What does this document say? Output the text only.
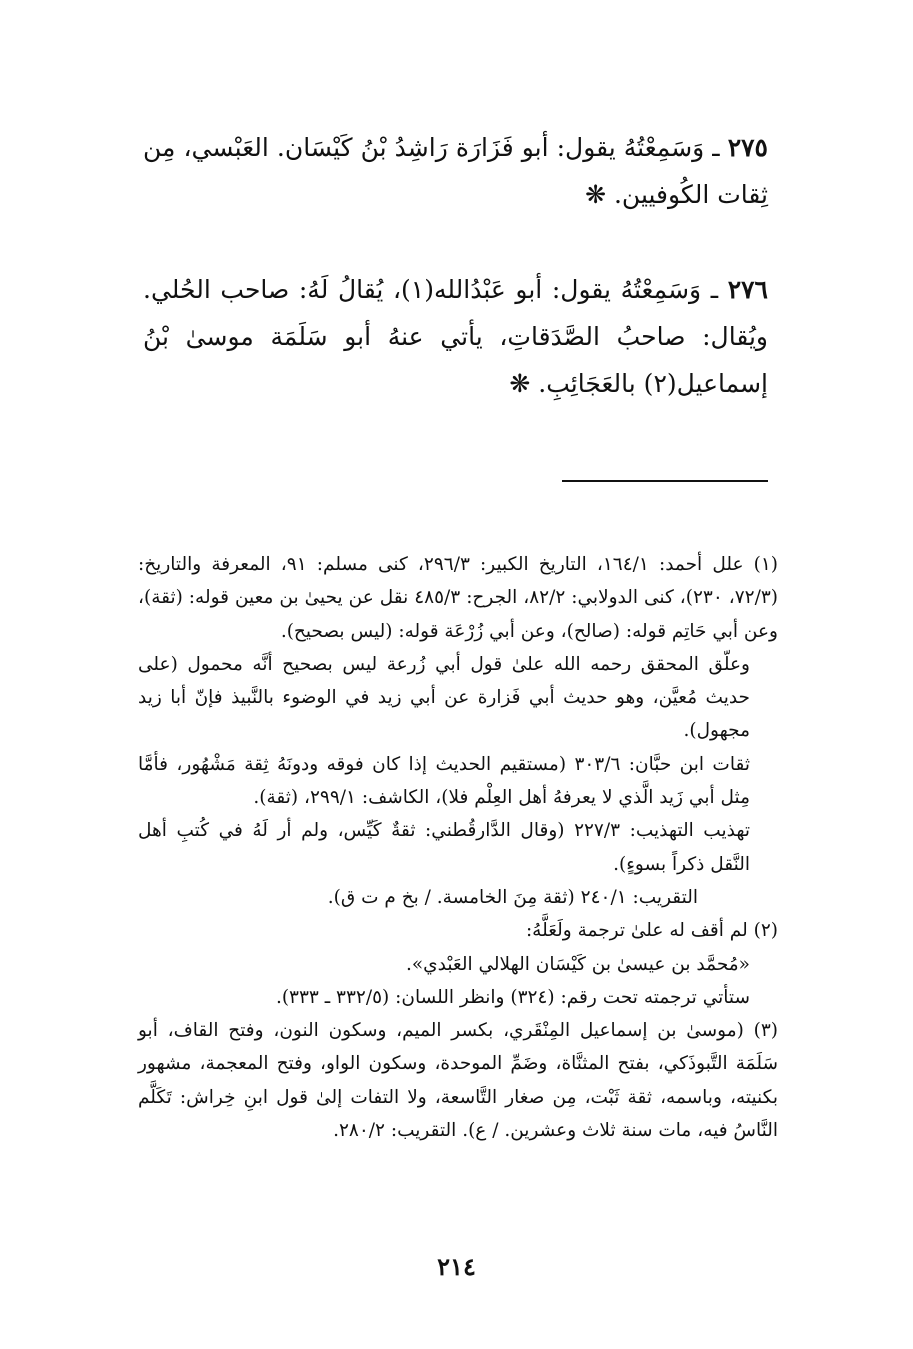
٢٧٥ ـ وَسَمِعْتُهُ يقول: أبو فَزَارَة رَاشِدُ بْنُ كَيْسَان. العَبْسي، مِن ثِقات الكُوفيين. ❋

٢٧٦ ـ وَسَمِعْتُهُ يقول: أبو عَبْدُالله(١)، يُقالُ لَهُ: صاحب الحُلي. ويُقال: صاحبُ الصَّدَقاتِ، يأتي عنهُ أبو سَلَمَة موسىٰ بْنُ إسماعيل(٢) بالعَجَائِبِ. ❋

(١) علل أحمد: ١٦٤/١، التاريخ الكبير: ٢٩٦/٣، كنى مسلم: ٩١، المعرفة والتاريخ: (٧٢/٣، ٢٣٠)، كنى الدولابي: ٨٢/٢، الجرح: ٤٨٥/٣ نقل عن يحيىٰ بن معين قوله: (ثقة)، وعن أبي حَاتِم قوله: (صالح)، وعن أبي زُرْعَة قوله: (ليس بصحيح).
وعلّق المحقق رحمه الله علىٰ قول أبي زُرعة ليس بصحيح أنَّه محمول (على حديث مُعيَّن، وهو حديث أبي فَزارة عن أبي زيد في الوضوء بالنَّبيذ فإنّ أبا زيد مجهول).
ثقات ابن حبَّان: ٣٠٣/٦ (مستقيم الحديث إذا كان فوقه ودونَهُ ثِقة مَشْهُور، فأمَّا مِثل أبي زَيد الَّذي لا يعرفهُ أهل العِلْم فلا)، الكاشف: ٢٩٩/١، (ثقة).
تهذيب التهذيب: ٢٢٧/٣ (وقال الدَّارقُطني: ثقةٌ كَيِّس، ولم أر لَهُ في كُتبِ أهل النَّقل ذكراً بسوءٍ).
التقريب: ٢٤٠/١ (ثقة مِنَ الخامسة. / بخ م ت ق).
(٢) لم أقف له علىٰ ترجمة ولَعَلَّهُ:
«مُحمَّد بن عيسىٰ بن كَيْسَان الهلالي العَبْدي».
ستأتي ترجمته تحت رقم: (٣٢٤) وانظر اللسان: (٣٣٢/٥ ـ ٣٣٣).
(٣) (موسىٰ بن إسماعيل المِنْقَري، بكسر الميم، وسكون النون، وفتح القاف، أبو سَلَمَة التَّبوذَكي، بفتح المثنَّاة، وضَمِّ الموحدة، وسكون الواو، وفتح المعجمة، مشهور بكنيته، وباسمه، ثقة ثَبْت، مِن صغار التَّاسعة، ولا التفات إلىٰ قول ابنِ خِراش: تَكَلَّم النَّاسُ فيه، مات سنة ثلاث وعشرين. / ع). التقريب: ٢٨٠/٢.
٢١٤
